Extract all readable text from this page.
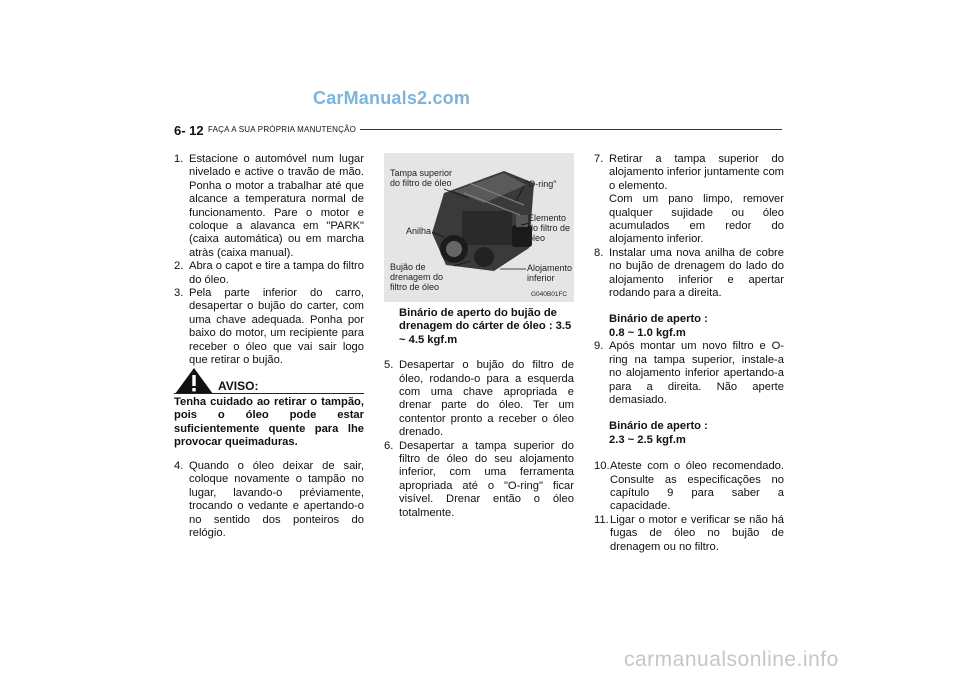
CarManuals2.com
carmanualsonline.info
6- 12 FAÇA A SUA PRÓPRIA MANUTENÇÃO

1. Estacione o automóvel num lugar nivelado e active o travão de mão. Ponha o motor a trabalhar até que alcance a temperatura normal de funcionamento. Pare o motor e coloque a alavanca em "PARK" (caixa automática) ou em marcha atràs (caixa manual).

2. Abra o capot e tire a tampa do filtro do óleo.

3. Pela parte inferior do carro, desapertar o bujão do carter, com uma chave adequada. Ponha por baixo do motor, um recipiente para receber o óleo que vai sair logo que retirar o bujão.

AVISO:
Tenha cuidado ao retirar o tampão, pois o óleo pode estar suficientemente quente para lhe provocar queimaduras.

4. Quando o óleo deixar de sair, coloque novamente o tampão no lugar, lavando-o préviamente, trocando o vedante e apertando-o no sentido dos ponteiros do relógio.

Tampa superior do filtro de óleo	"O-ring"
Elemento do filtro de óleo
Anilha
Bujão de drenagem do filtro de óleo
Alojamento inferior
G040B01FC

Binário de aperto do bujão de drenagem do cárter de óleo : 3.5 ~ 4.5 kgf.m

5. Desapertar o bujão do filtro de óleo, rodando-o para a esquerda com uma chave apropriada e drenar parte do óleo. Ter um contentor pronto a receber o óleo drenado.

6. Desapertar a tampa superior do filtro de óleo do seu alojamento inferior, com uma ferramenta apropriada até o "O-ring" ficar visível. Drenar então o óleo totalmente.

7. Retirar a tampa superior do alojamento inferior juntamente com o elemento.

Com um pano limpo, remover qualquer sujidade ou óleo acumulados em redor do alojamento inferior.

8. Instalar uma nova anilha de cobre no bujão de drenagem do lado do alojamento inferior e apertar rodando para a direita.

Binário de aperto :

0.8 ~ 1.0 kgf.m

9. Após montar um novo filtro e O-ring na tampa superior, instale-a no alojamento inferior apertando-a para a direita. Não aperte demasiado.

Binário de aperto :

2.3 ~ 2.5 kgf.m

10. Ateste com o óleo recomendado. Consulte as especificações no capítulo 9 para saber a capacidade.

11. Ligar o motor e verificar se não há fugas de óleo no bujão de drenagem ou no filtro.
